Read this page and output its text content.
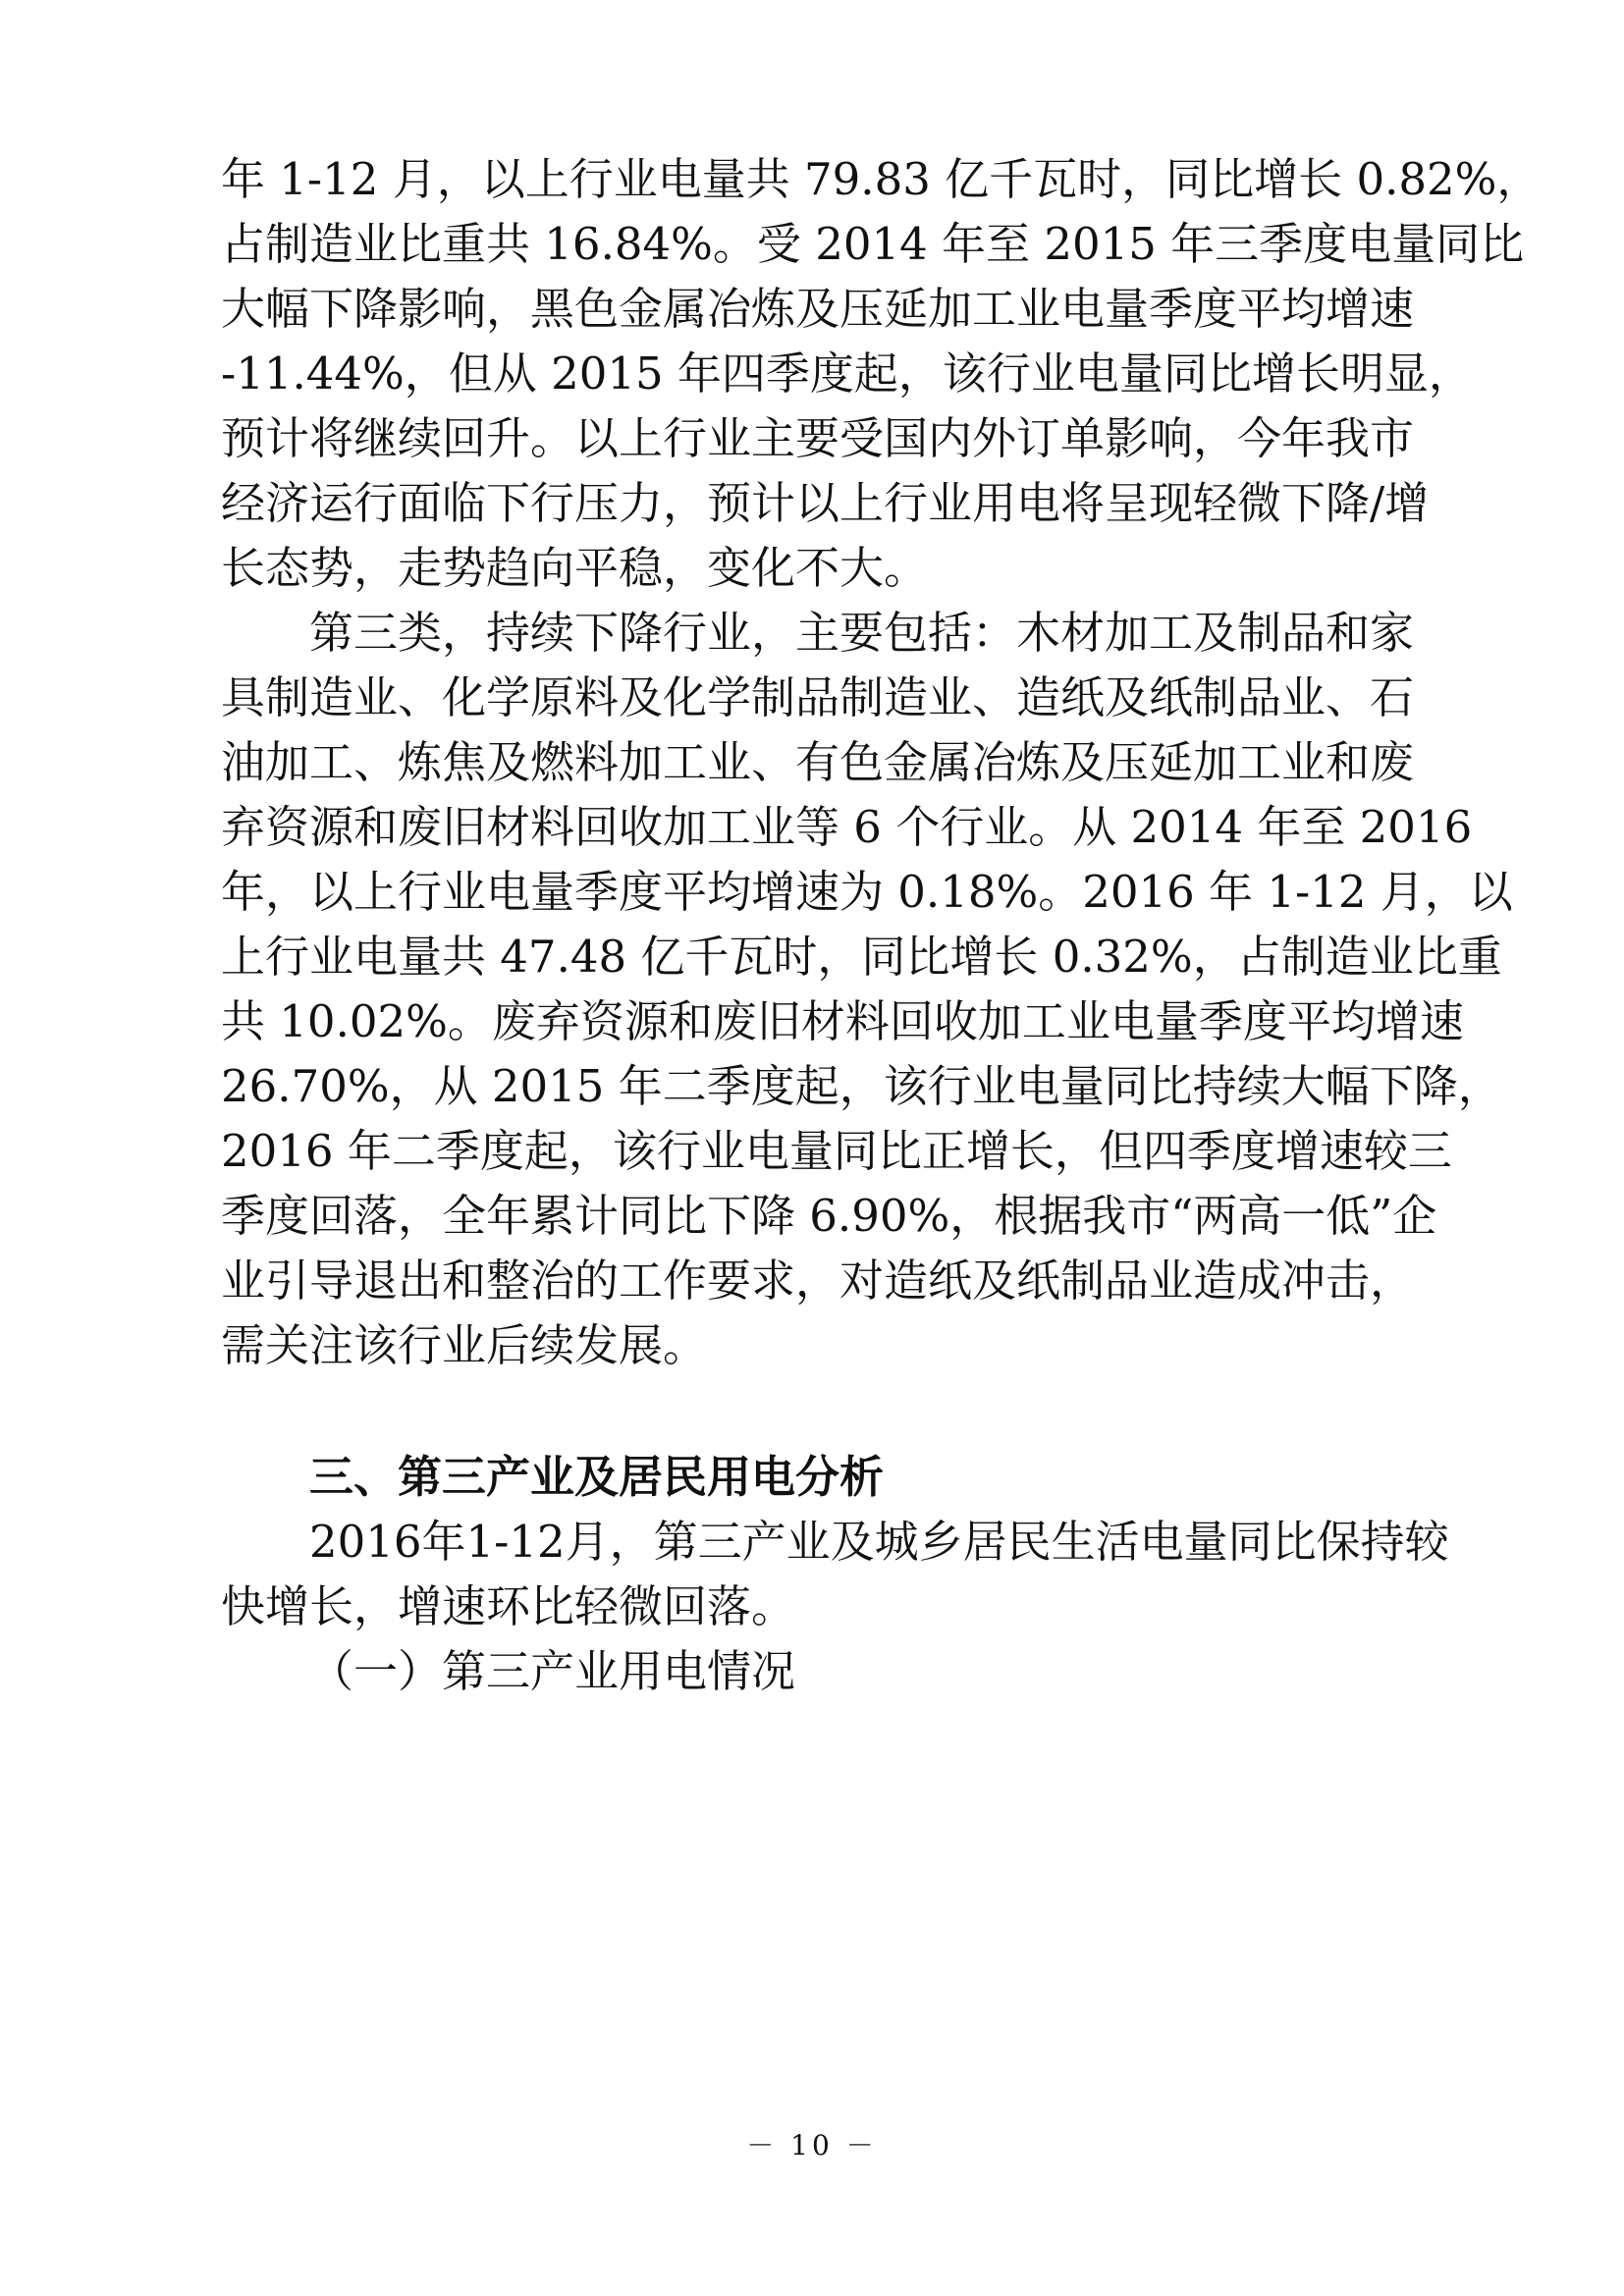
年 1-12 月，以上行业电量共 79.83 亿千瓦时，同比增长 0.82%，
占制造业比重共 16.84%。受 2014 年至 2015 年三季度电量同比
大幅下降影响，黑色金属冶炼及压延加工业电量季度平均增速
-11.44%，但从 2015 年四季度起，该行业电量同比增长明显，
预计将继续回升。以上行业主要受国内外订单影响，今年我市
经济运行面临下行压力，预计以上行业用电将呈现轻微下降/增
长态势，走势趋向平稳，变化不大。
第三类，持续下降行业，主要包括：木材加工及制品和家
具制造业、化学原料及化学制品制造业、造纸及纸制品业、石
油加工、炼焦及燃料加工业、有色金属冶炼及压延加工业和废
弃资源和废旧材料回收加工业等 6 个行业。从 2014 年至 2016
年，以上行业电量季度平均增速为 0.18%。2016 年 1-12 月，以
上行业电量共 47.48 亿千瓦时，同比增长 0.32%，占制造业比重
共 10.02%。废弃资源和废旧材料回收加工业电量季度平均增速
26.70%，从 2015 年二季度起，该行业电量同比持续大幅下降，
2016 年二季度起，该行业电量同比正增长，但四季度增速较三
季度回落，全年累计同比下降 6.90%，根据我市“两高一低”企
业引导退出和整治的工作要求，对造纸及纸制品业造成冲击，
需关注该行业后续发展。
三、第三产业及居民用电分析
2016年1-12月，第三产业及城乡居民生活电量同比保持较
快增长，增速环比轻微回落。
（一）第三产业用电情况
－ 10 －
